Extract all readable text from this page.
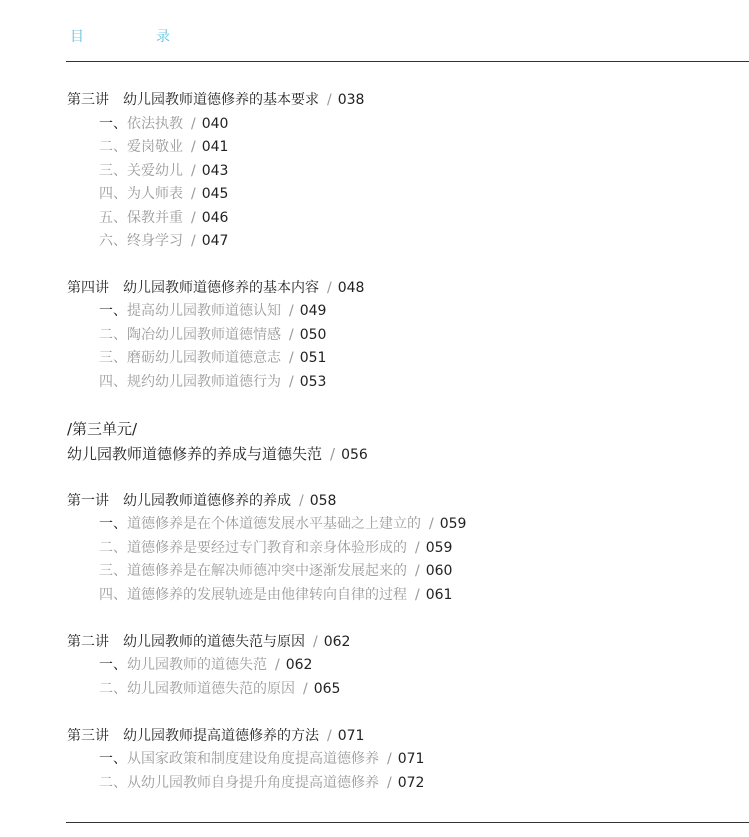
目	录
第三讲 幼儿园教师道德修养的基本要求 / 038
一、依法执教 / 040
二、爱岗敬业 / 041
三、关爱幼儿 / 043
四、为人师表 / 045
五、保教并重 / 046
六、终身学习 / 047
第四讲 幼儿园教师道德修养的基本内容 / 048
一、提高幼儿园教师道德认知 / 049
二、陶冶幼儿园教师道德情感 / 050
三、磨砺幼儿园教师道德意志 / 051
四、规约幼儿园教师道德行为 / 053
/第三单元/
幼儿园教师道德修养的养成与道德失范 / 056
第一讲 幼儿园教师道德修养的养成 / 058
一、道德修养是在个体道德发展水平基础之上建立的 / 059
二、道德修养是要经过专门教育和亲身体验形成的 / 059
三、道德修养是在解决师德冲突中逐渐发展起来的 / 060
四、道德修养的发展轨迹是由他律转向自律的过程 / 061
第二讲 幼儿园教师的道德失范与原因 / 062
一、幼儿园教师的道德失范 / 062
二、幼儿园教师道德失范的原因 / 065
第三讲 幼儿园教师提高道德修养的方法 / 071
一、从国家政策和制度建设角度提高道德修养 / 071
二、从幼儿园教师自身提升角度提高道德修养 / 072
